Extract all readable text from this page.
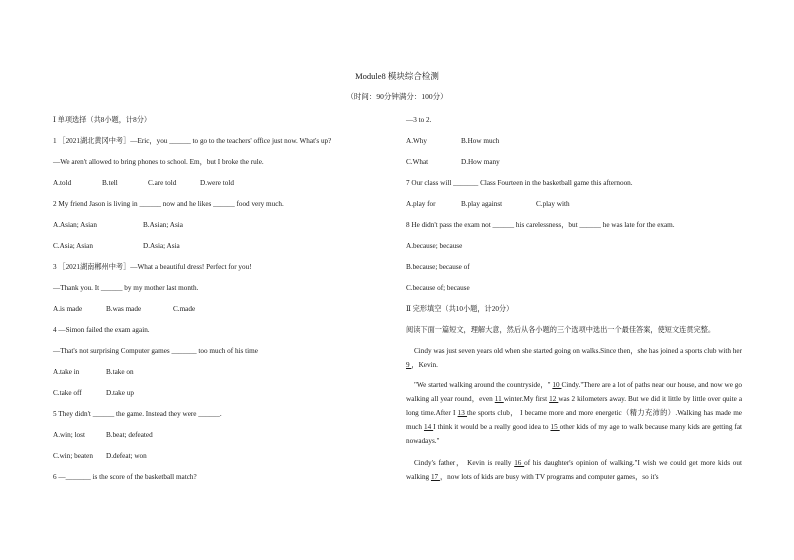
Module8 模块综合检测
（时间：90分钟满分：100分）
Ⅰ 单项选择（共8小题，计8分）
1 ［2021湖北黄冈中考］—Eric，you ______ to go to the teachers' office just now. What's up?
—We aren't allowed to bring phones to school. Em，but I broke the rule.
A.told	B.tell	C.are told	D.were told
2 My friend Jason is living in ______ now and he likes ______ food very much.
A.Asian; Asian	B.Asian; Asia
C.Asia; Asian	D.Asia; Asia
3 ［2021湖南郴州中考］—What a beautiful dress! Perfect for you!
—Thank you. It ______ by my mother last month.
A.is made	B.was made	C.made
4 —Simon failed the exam again.
—That's not surprising Computer games _______ too much of his time
A.take in	B.take on
C.take off	D.take up
5 They didn't ______ the game. Instead they were ______.
A.win; lost	B.beat; defeated
C.win; beaten D.defeat; won
6 —_______ is the score of the basketball match?
—3 to 2.
A.Why	B.How much
C.What	D.How many
7 Our class will _______ Class Fourteen in the basketball game this afternoon.
A.play for	B.play against	C.play with
8 He didn't pass the exam not ______ his carelessness，but ______ he was late for the exam.
A.because; because
B.because; because of
C.because of; because
Ⅱ 完形填空（共10小题，计20分）
阅读下面一篇短文，理解大意，然后从各小题的三个选项中选出一个最佳答案，使短文连贯完整。
Cindy was just seven years old when she started going on walks.Since then，she has joined a sports club with her 9 ，Kevin.
"We started walking around the countryside，" 10 Cindy."There are a lot of paths near our house, and now we go walking all year round，even 11 winter.My first 12 was 2 kilometers away. But we did it little by little over quite a long time.After I 13 the sports club， I became more and more energetic（精力充沛的）.Walking has made me much 14 I think it would be a really good idea to 15 other kids of my age to walk because many kids are getting fat nowadays."
Cindy's father， Kevin is really 16 of his daughter's opinion of walking."I wish we could get more kids out walking 17 ，now lots of kids are busy with TV programs and computer games，so it's
